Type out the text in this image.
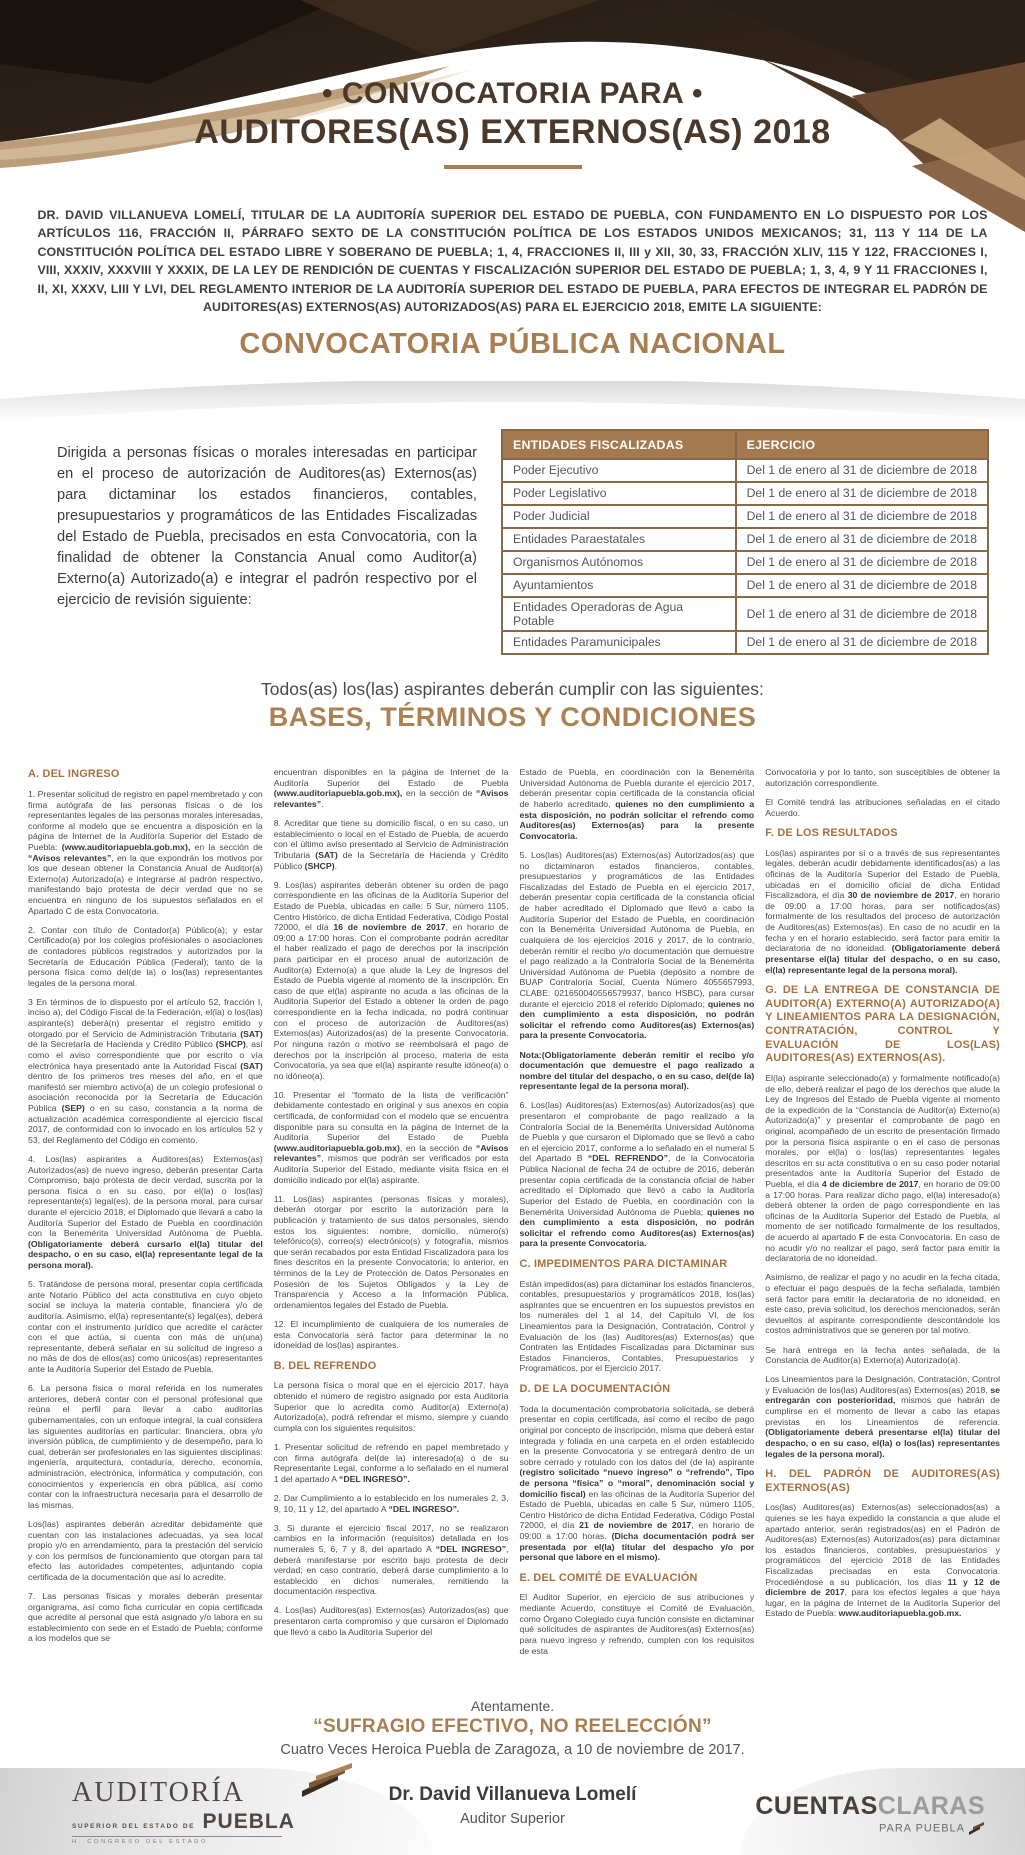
• CONVOCATORIA PARA •
AUDITORES(AS) EXTERNOS(AS) 2018

DR. DAVID VILLANUEVA LOMELÍ, TITULAR DE LA AUDITORÍA SUPERIOR DEL ESTADO DE PUEBLA, CON FUNDAMENTO EN LO DISPUESTO POR LOS ARTÍCULOS 116, FRACCIÓN II, PÁRRAFO SEXTO DE LA CONSTITUCIÓN POLÍTICA DE LOS ESTADOS UNIDOS MEXICANOS; 31, 113 Y 114 DE LA CONSTITUCIÓN POLÍTICA DEL ESTADO LIBRE Y SOBERANO DE PUEBLA; 1, 4, FRACCIONES II, III y XII, 30, 33, FRACCIÓN XLIV, 115 Y 122, FRACCIONES I, VIII, XXXIV, XXXVIII Y XXXIX, DE LA LEY DE RENDICIÓN DE CUENTAS Y FISCALIZACIÓN SUPERIOR DEL ESTADO DE PUEBLA; 1, 3, 4, 9 Y 11 FRACCIONES I, II, XI, XXXV, LIII Y LVI, DEL REGLAMENTO INTERIOR DE LA AUDITORÍA SUPERIOR DEL ESTADO DE PUEBLA, PARA EFECTOS DE INTEGRAR EL PADRÓN DE AUDITORES(AS) EXTERNOS(AS) AUTORIZADOS(AS) PARA EL EJERCICIO 2018, EMITE LA SIGUIENTE:

CONVOCATORIA PÚBLICA NACIONAL

Dirigida a personas físicas o morales interesadas en participar en el proceso de autorización de Auditores(as) Externos(as) para dictaminar los estados financieros, contables, presupuestarios y programáticos de las Entidades Fiscalizadas del Estado de Puebla, precisados en esta Convocatoria, con la finalidad de obtener la Constancia Anual como Auditor(a) Externo(a) Autorizado(a) e integrar el padrón respectivo por el ejercicio de revisión siguiente:

ENTIDADES FISCALIZADAS	EJERCICIO
Poder Ejecutivo	Del 1 de enero al 31 de diciembre de 2018
Poder Legislativo	Del 1 de enero al 31 de diciembre de 2018
Poder Judicial	Del 1 de enero al 31 de diciembre de 2018
Entidades Paraestatales	Del 1 de enero al 31 de diciembre de 2018
Organismos Autónomos	Del 1 de enero al 31 de diciembre de 2018
Ayuntamientos	Del 1 de enero al 31 de diciembre de 2018
Entidades Operadoras de Agua Potable	Del 1 de enero al 31 de diciembre de 2018
Entidades Paramunicipales	Del 1 de enero al 31 de diciembre de 2018
Todos(as) los(las) aspirantes deberán cumplir con las siguientes:
BASES, TÉRMINOS Y CONDICIONES
A. DEL INGRESO

1. Presentar solicitud de registro en papel membretado y con firma autógrafa de las personas físicas o de los representantes legales de las personas morales interesadas, conforme al modelo que se encuentra a disposición en la página de Internet de la Auditoría Superior del Estado de Puebla: (www.auditoriapuebla.gob.mx), en la sección de “Avisos relevantes”, en la que expondrán los motivos por los que desean obtener la Constancia Anual de Auditor(a) Externo(a) Autorizado(a) e integrarse al padrón respectivo, manifestando bajo protesta de decir verdad que no se encuentra en ninguno de los supuestos señalados en el Apartado C de esta Convocatoria.

2. Contar con título de Contador(a) Público(a); y estar Certificado(a) por los colegios profesionales o asociaciones de contadores públicos registrados y autorizados por la Secretaría de Educación Pública (Federal); tanto de la persona física como del(de la) o los(las) representantes legales de la persona moral.

3 En términos de lo dispuesto por el artículo 52, fracción I, inciso a), del Código Fiscal de la Federación, el(la) o los(las) aspirante(s) deberá(n) presentar el registro emitido y otorgado por el Servicio de Administración Tributaria (SAT) de la Secretaría de Hacienda y Crédito Público (SHCP), así como el aviso correspondiente que por escrito o vía electrónica haya presentado ante la Autoridad Fiscal (SAT) dentro de los primeros tres meses del año, en el que manifestó ser miembro activo(a) de un colegio profesional o asociación reconocida por la Secretaría de Educación Pública (SEP) o en su caso, constancia a la norma de actualización académica correspondiente al ejercicio fiscal 2017, de conformidad con lo invocado en los artículos 52 y 53, del Reglamento del Código en comento.

4. Los(las) aspirantes a Auditores(as) Externos(as) Autorizados(as) de nuevo ingreso, deberán presentar Carta Compromiso, bajo protesta de decir verdad, suscrita por la persona física o en su caso, por el(la) o los(las) representante(s) legal(es), de la persona moral, para cursar durante el ejercicio 2018, el Diplomado que llevará a cabo la Auditoría Superior del Estado de Puebla en coordinación con la Benemérita Universidad Autónoma de Puebla. (Obligatoriamente deberá cursarlo el(la) titular del despacho, o en su caso, el(la) representante legal de la persona moral).

5. Tratándose de persona moral, presentar copia certificada ante Notario Público del acta constitutiva en cuyo objeto social se incluya la materia contable, financiera y/o de auditoría. Asimismo, el(la) representante(s) legal(es), deberá contar con el instrumento jurídico que acredite el carácter con el que actúa, si cuenta con más de un(una) representante, deberá señalar en su solicitud de ingreso a no más de dos de ellos(as) como únicos(as) representantes ante la Auditoría Superior del Estado de Puebla.

6. La persona física o moral referida en los numerales anteriores, deberá contar con el personal profesional que reúna el perfil para llevar a cabo auditorías gubernamentales, con un enfoque integral, la cual considera las siguientes auditorías en particular: financiera, obra y/o inversión pública, de cumplimiento y de desempeño, para lo cual, deberán ser profesionales en las siguientes disciplinas: ingeniería, arquitectura, contaduría, derecho, economía, administración, electrónica, informática y computación, con conocimientos y experiencia en obra pública, así como contar con la infraestructura necesaria para el desarrollo de las mismas.

Los(las) aspirantes deberán acreditar debidamente que cuentan con las instalaciones adecuadas, ya sea local propio y/o en arrendamiento, para la prestación del servicio y con los permisos de funcionamiento que otorgan para tal efecto las autoridades competentes, adjuntando copia certificada de la documentación que así lo acredite.

7. Las personas físicas y morales deberán presentar organigrama, así como ficha curricular en copia certificada que acredite al personal que está asignado y/o labora en su establecimiento con sede en el Estado de Puebla; conforme a los modelos que se

encuentran disponibles en la página de Internet de la Auditoría Superior del Estado de Puebla (www.auditoriapuebla.gob.mx), en la sección de “Avisos relevantes”.

8. Acreditar que tiene su domicilio fiscal, o en su caso, un establecimiento o local en el Estado de Puebla, de acuerdo con el último aviso presentado al Servicio de Administración Tributaria (SAT) de la Secretaría de Hacienda y Crédito Público (SHCP).

9. Los(las) aspirantes deberán obtener su orden de pago correspondiente en las oficinas de la Auditoría Superior del Estado de Puebla, ubicadas en calle: 5 Sur, número 1105, Centro Histórico, de dicha Entidad Federativa, Código Postal 72000, el día 16 de noviembre de 2017, en horario de 09:00 a 17:00 horas. Con el comprobante podrán acreditar el haber realizado el pago de derechos por la inscripción para participar en el proceso anual de autorización de Auditor(a) Externo(a) a que alude la Ley de Ingresos del Estado de Puebla vigente al momento de la inscripción. En caso de que el(la) aspirante no acuda a las oficinas de la Auditoría Superior del Estado a obtener la orden de pago correspondiente en la fecha indicada, no podrá continuar con el proceso de autorización de Auditores(as) Externos(as) Autorizados(as) de la presente Convocatoria. Por ninguna razón o motivo se reembolsará el pago de derechos por la inscripción al proceso, materia de esta Convocatoria, ya sea que el(la) aspirante resulte idóneo(a) o no idóneo(a).

10. Presentar el “formato de la lista de verificación” debidamente contestado en original y sus anexos en copia certificada, de conformidad con el modelo que se encuentra disponible para su consulta en la página de Internet de la Auditoría Superior del Estado de Puebla (www.auditoriapuebla.gob.mx), en la sección de “Avisos relevantes”, mismos que podrán ser verificados por esta Auditoría Superior del Estado, mediante visita física en el domicilio indicado por el(la) aspirante.

11. Los(las) aspirantes (personas físicas y morales), deberán otorgar por escrito la autorización para la publicación y tratamiento de sus datos personales, siendo estos los siguientes: nombre, domicilio, número(s) telefónico(s), correo(s) electrónico(s) y fotografía, mismos que serán recabados por esta Entidad Fiscalizadora para los fines descritos en la presente Convocatoria; lo anterior, en términos de la Ley de Protección de Datos Personales en Posesión de los Sujetos Obligados y la Ley de Transparencia y Acceso a la Información Pública, ordenamientos legales del Estado de Puebla.

12. El incumplimiento de cualquiera de los numerales de esta Convocatoria será factor para determinar la no idoneidad de los(las) aspirantes.

B. DEL REFRENDO

La persona física o moral que en el ejercicio 2017, haya obtenido el número de registro asignado por esta Auditoría Superior que lo acredita como Auditor(a) Externo(a) Autorizado(a), podrá refrendar el mismo, siempre y cuando cumpla con los siguientes requisitos:

1. Presentar solicitud de refrendo en papel membretado y con firma autógrafa del(de la) interesado(a) o de su Representante Legal, conforme a lo señalado en el numeral 1 del apartado A “DEL INGRESO”.

2. Dar Cumplimiento a lo establecido en los numerales 2, 3, 9, 10, 11 y 12, del apartado A “DEL INGRESO”.

3. Si durante el ejercicio fiscal 2017, no se realizaron cambios en la información (requisitos) detallada en los numerales 5, 6, 7 y 8, del apartado A “DEL INGRESO”, deberá manifestarse por escrito bajo protesta de decir verdad; en caso contrario, deberá darse cumplimiento a lo establecido en dichos numerales, remitiendo la documentación respectiva.

4. Los(las) Auditores(as) Externos(as) Autorizados(as) que presentaron carta compromiso y que cursaron el Diplomado que llevó a cabo la Auditoría Superior del

Estado de Puebla, en coordinación con la Benemérita Universidad Autónoma de Puebla durante el ejercicio 2017, deberán presentar copia certificada de la constancia oficial de haberlo acreditado, quienes no den cumplimiento a esta disposición, no podrán solicitar el refrendo como Auditores(as) Externos(as) para la presente Convocatoria.

5. Los(las) Auditores(as) Externos(as) Autorizados(as) que no dictaminaron estados financieros, contables, presupuestarios y programáticos de las Entidades Fiscalizadas del Estado de Puebla en el ejercicio 2017, deberán presentar copia certificada de la constancia oficial de haber acreditado el Diplomado que llevó a cabo la Auditoría Superior del Estado de Puebla, en coordinación con la Benemérita Universidad Autónoma de Puebla, en cualquiera de los ejercicios 2016 y 2017, de lo contrario, deberán remitir el recibo y/o documentación que demuestre el pago realizado a la Contraloría Social de la Benemérita Universidad Autónoma de Puebla (depósito a nombre de BUAP Contraloría Social, Cuenta Número 4055657993, CLABE: 021650040556579937, banco HSBC), para cursar durante el ejercicio 2018 el referido Diplomado; quienes no den cumplimiento a esta disposición, no podrán solicitar el refrendo como Auditores(as) Externos(as) para la presente Convocatoria.

Nota:(Obligatoriamente deberán remitir el recibo y/o documentación que demuestre el pago realizado a nombre del titular del despacho, o en su caso, del(de la) representante legal de la persona moral).

6. Los(las) Auditores(as) Externos(as) Autorizados(as) que presentaron el comprobante de pago realizado a la Contraloría Social de la Benemérita Universidad Autónoma de Puebla y que cursaron el Diplomado que se llevó a cabo en el ejercicio 2017, conforme a lo señalado en el numeral 5 del Apartado B “DEL REFRENDO”, de la Convocatoria Pública Nacional de fecha 24 de octubre de 2016, deberán presentar copia certificada de la constancia oficial de haber acreditado el Diplomado que llevó a cabo la Auditoría Superior del Estado de Puebla, en coordinación con la Benemérita Universidad Autónoma de Puebla; quienes no den cumplimiento a esta disposición, no podrán solicitar el refrendo como Auditores(as) Externos(as) para la presente Convocatoria.

C. IMPEDIMENTOS PARA DICTAMINAR

Están impedidos(as) para dictaminar los estados financieros, contables, presupuestarios y programáticos 2018, los(las) aspirantes que se encuentren en los supuestos previstos en los numerales del 1 al 14, del Capítulo VI, de los Lineamientos para la Designación, Contratación, Control y Evaluación de los (las) Auditores(as) Externos(as) que Contraten las Entidades Fiscalizadas para Dictaminar sus Estados Financieros, Contables, Presupuestarios y Programáticos, por el Ejercicio 2017.

D. DE LA DOCUMENTACIÓN

Toda la documentación comprobatoria solicitada, se deberá presentar en copia certificada, así como el recibo de pago original por concepto de inscripción, misma que deberá estar integrada y foliada en una carpeta en el orden establecido en la presente Convocatoria y se entregará dentro de un sobre cerrado y rotulado con los datos del (de la) aspirante (registro solicitado “nuevo ingreso” o “refrendo”, Tipo de persona “física” o “moral”, denominación social y domicilio fiscal) en las oficinas de la Auditoría Superior del Estado de Puebla, ubicadas en calle 5 Sur, número 1105, Centro Histórico de dicha Entidad Federativa, Código Postal 72000, el día 21 de noviembre de 2017, en horario de 09:00 a 17:00 horas. (Dicha documentación podrá ser presentada por el(la) titular del despacho y/o por personal que labore en el mismo).

E. DEL COMITÉ DE EVALUACIÓN

El Auditor Superior, en ejercicio de sus atribuciones y mediante Acuerdo, constituye el Comité de Evaluación, como Órgano Colegiado cuya función consiste en dictaminar qué solicitudes de aspirantes de Auditores(as) Externos(as) para nuevo ingreso y refrendo, cumplen con los requisitos de esta

Convocatoria y por lo tanto, son susceptibles de obtener la autorización correspondiente.

El Comité tendrá las atribuciones señaladas en el citado Acuerdo.

F. DE LOS RESULTADOS

Los(las) aspirantes por sí o a través de sus representantes legales, deberán acudir debidamente identificados(as) a las oficinas de la Auditoría Superior del Estado de Puebla, ubicadas en el domicilio oficial de dicha Entidad Fiscalizadora, el día 30 de noviembre de 2017, en horario de 09:00 a 17:00 horas, para ser notificados(as) formalmente de los resultados del proceso de autorización de Auditores(as) Externos(as). En caso de no acudir en la fecha y en el horario establecido, será factor para emitir la declaratoria de no idoneidad. (Obligatoriamente deberá presentarse el(la) titular del despacho, o en su caso, el(la) representante legal de la persona moral).

G. DE LA ENTREGA DE CONSTANCIA DE AUDITOR(A) EXTERNO(A) AUTORIZADO(A) Y LINEAMIENTOS PARA LA DESIGNACIÓN, CONTRATACIÓN, CONTROL Y EVALUACIÓN DE LOS(LAS) AUDITORES(AS) EXTERNOS(AS).

El(la) aspirante seleccionado(a) y formalmente notificado(a) de ello, deberá realizar el pago de los derechos que alude la Ley de Ingresos del Estado de Puebla vigente al momento de la expedición de la “Constancia de Auditor(a) Externo(a) Autorizado(a)” y presentar el comprobante de pago en original, acompañado de un escrito de presentación firmado por la persona física aspirante o en el caso de personas morales, por el(la) o los(las) representantes legales descritos en su acta constitutiva o en su caso poder notarial presentados ante la Auditoría Superior del Estado de Puebla, el día 4 de diciembre de 2017, en horario de 09:00 a 17:00 horas. Para realizar dicho pago, el(la) interesado(a) deberá obtener la orden de pago correspondiente en las oficinas de la Auditoría Superior del Estado de Puebla, al momento de ser notificado formalmente de los resultados, de acuerdo al apartado F de esta Convocatoria. En caso de no acudir y/o no realizar el pago, será factor para emitir la declaratoria de no idoneidad.

Asimismo, de realizar el pago y no acudir en la fecha citada, o efectuar el pago después de la fecha señalada, también será factor para emitir la declaratoria de no idoneidad, en este caso, previa solicitud, los derechos mencionados, serán devueltos al aspirante correspondiente descontándole los costos administrativos que se generen por tal motivo.

Se hará entrega en la fecha antes señalada, de la Constancia de Auditor(a) Externo(a) Autorizado(a).

Los Lineamientos para la Designación, Contratación, Control y Evaluación de los(las) Auditores(as) Externos(as) 2018, se entregarán con posterioridad, mismos que habrán de cumplirse en el momento de llevar a cabo las etapas previstas en los Lineamientos de referencia. (Obligatoriamente deberá presentarse el(la) titular del despacho, o en su caso, el(la) o los(las) representantes legales de la persona moral).

H. DEL PADRÓN DE AUDITORES(AS) EXTERNOS(AS)

Los(las) Auditores(as) Externos(as) seleccionados(as) a quienes se les haya expedido la constancia a que alude el apartado anterior, serán registrados(as) en el Padrón de Auditores(as) Externos(as) Autorizados(as) para dictaminar los estados financieros, contables, presupuestarios y programáticos del ejercicio 2018 de las Entidades Fiscalizadas precisadas en esta Convocatoria. Procediéndose a su publicación, los días 11 y 12 de diciembre de 2017, para los efectos legales a que haya lugar, en la página de Internet de la Auditoría Superior del Estado de Puebla: www.auditoriapuebla.gob.mx.

Atentamente.
“SUFRAGIO EFECTIVO, NO REELECCIÓN”
Cuatro Veces Heroica Puebla de Zaragoza, a 10 de noviembre de 2017.
Dr. David Villanueva Lomelí
Auditor Superior
AUDITORÍA
SUPERIOR DEL ESTADO DE PUEBLA
H. CONGRESO DEL ESTADO
CUENTASCLARAS
PARA PUEBLA
